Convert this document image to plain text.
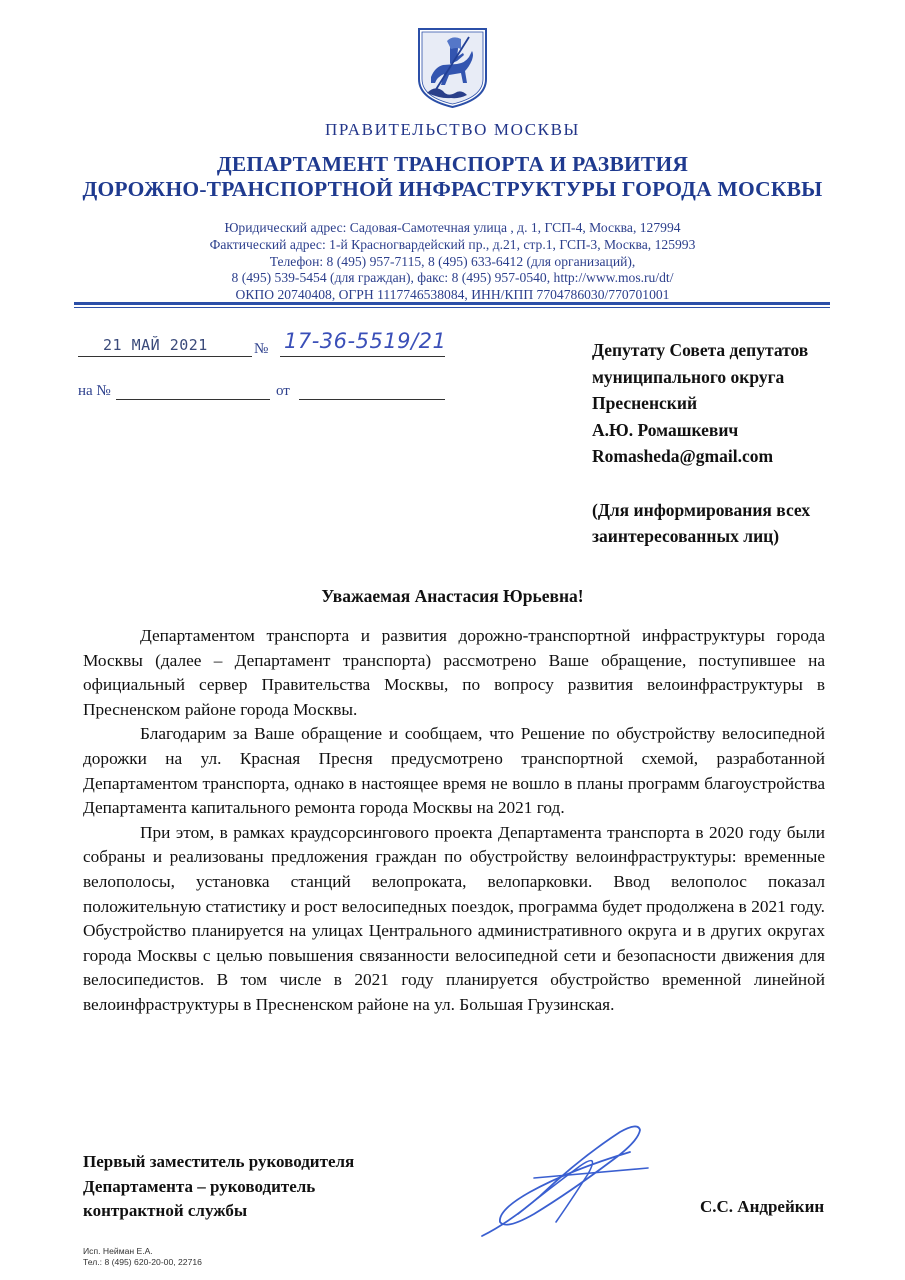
ПРАВИТЕЛЬСТВО МОСКВЫ
ДЕПАРТАМЕНТ ТРАНСПОРТА И РАЗВИТИЯ
ДОРОЖНО-ТРАНСПОРТНОЙ ИНФРАСТРУКТУРЫ ГОРОДА МОСКВЫ
Юридический адрес: Садовая-Самотечная улица , д. 1, ГСП-4, Москва, 127994
Фактический адрес: 1-й Красногвардейский пр., д.21, стр.1, ГСП-3, Москва, 125993
Телефон: 8 (495) 957-7115, 8 (495) 633-6412 (для организаций),
8 (495) 539-5454 (для граждан), факс: 8 (495) 957-0540, http://www.mos.ru/dt/
ОКПО 20740408, ОГРН 1117746538084, ИНН/КПП 7704786030/770701001
21 МАЙ 2021	№ 17-36-5519/21
на №	от
Депутату Совета депутатов
муниципального округа
Пресненский
А.Ю. Ромашкевич
Romasheda@gmail.com
(Для информирования всех
заинтересованных лиц)
Уважаемая Анастасия Юрьевна!

Департаментом транспорта и развития дорожно-транспортной инфраструктуры города Москвы (далее – Департамент транспорта) рассмотрено Ваше обращение, поступившее на официальный сервер Правительства Москвы, по вопросу развития велоинфраструктуры в Пресненском районе города Москвы.

Благодарим за Ваше обращение и сообщаем, что Решение по обустройству велосипедной дорожки на ул. Красная Пресня предусмотрено транспортной схемой, разработанной Департаментом транспорта, однако в настоящее время не вошло в планы программ благоустройства Департамента капитального ремонта города Москвы на 2021 год.

При этом, в рамках краудсорсингового проекта Департамента транспорта в 2020 году были собраны и реализованы предложения граждан по обустройству велоинфраструктуры: временные велополосы, установка станций велопроката, велопарковки. Ввод велополос показал положительную статистику и рост велосипедных поездок, программа будет продолжена в 2021 году. Обустройство планируется на улицах Центрального административного округа и в других округах города Москвы с целью повышения связанности велосипедной сети и безопасности движения для велосипедистов. В том числе в 2021 году планируется обустройство временной линейной велоинфраструктуры в Пресненском районе на ул. Большая Грузинская.

Первый заместитель руководителя
Департамента – руководитель
контрактной службы	С.С. Андрейкин
Исп. Нейман Е.А.
Тел.: 8 (495) 620-20-00, 22716
